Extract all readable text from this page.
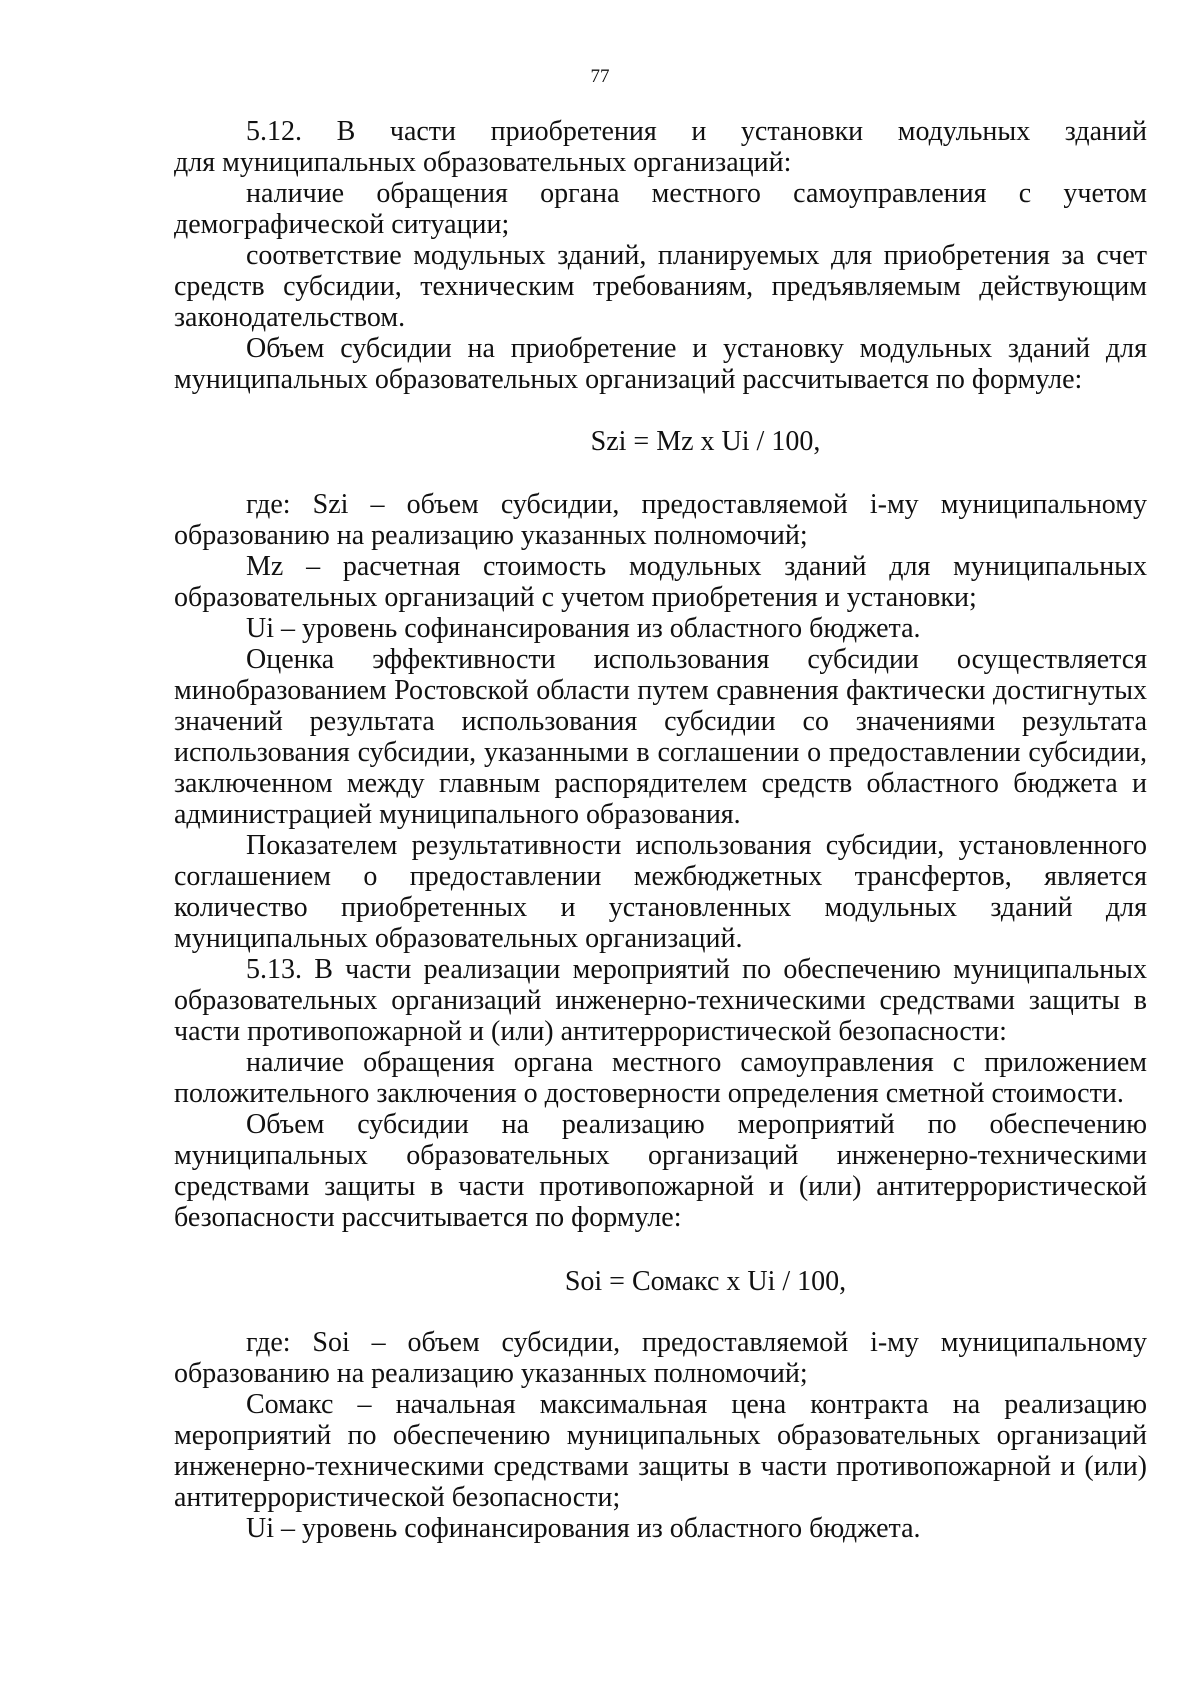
77

5.12. В части приобретения и установки модульных зданий

для муниципальных образовательных организаций:

наличие обращения органа местного самоуправления с учетом демографической ситуации;

соответствие модульных зданий, планируемых для приобретения за счет средств субсидии, техническим требованиям, предъявляемым действующим законодательством.

Объем субсидии на приобретение и установку модульных зданий для муниципальных образовательных организаций рассчитывается по формуле:

Szi = Mz x Ui / 100,

где: Szi – объем субсидии, предоставляемой i-му муниципальному образованию на реализацию указанных полномочий;

Mz – расчетная стоимость модульных зданий для муниципальных образовательных организаций с учетом приобретения и установки;

Ui – уровень софинансирования из областного бюджета.

Оценка эффективности использования субсидии осуществляется минобразованием Ростовской области путем сравнения фактически достигнутых значений результата использования субсидии со значениями результата использования субсидии, указанными в соглашении о предоставлении субсидии, заключенном между главным распорядителем средств областного бюджета и администрацией муниципального образования.

Показателем результативности использования субсидии, установленного соглашением о предоставлении межбюджетных трансфертов, является количество приобретенных и установленных модульных зданий для муниципальных образовательных организаций.

5.13. В части реализации мероприятий по обеспечению муниципальных образовательных организаций инженерно-техническими средствами защиты в части противопожарной и (или) антитеррористической безопасности:

наличие обращения органа местного самоуправления с приложением положительного заключения о достоверности определения сметной стоимости.

Объем субсидии на реализацию мероприятий по обеспечению муниципальных образовательных организаций инженерно-техническими средствами защиты в части противопожарной и (или) антитеррористической безопасности рассчитывается по формуле:

Soi = Сомакс x Ui / 100,

где: Soi – объем субсидии, предоставляемой i-му муниципальному образованию на реализацию указанных полномочий;

Сомакс – начальная максимальная цена контракта на реализацию мероприятий по обеспечению муниципальных образовательных организаций инженерно-техническими средствами защиты в части противопожарной и (или) антитеррористической безопасности;

Ui – уровень софинансирования из областного бюджета.
